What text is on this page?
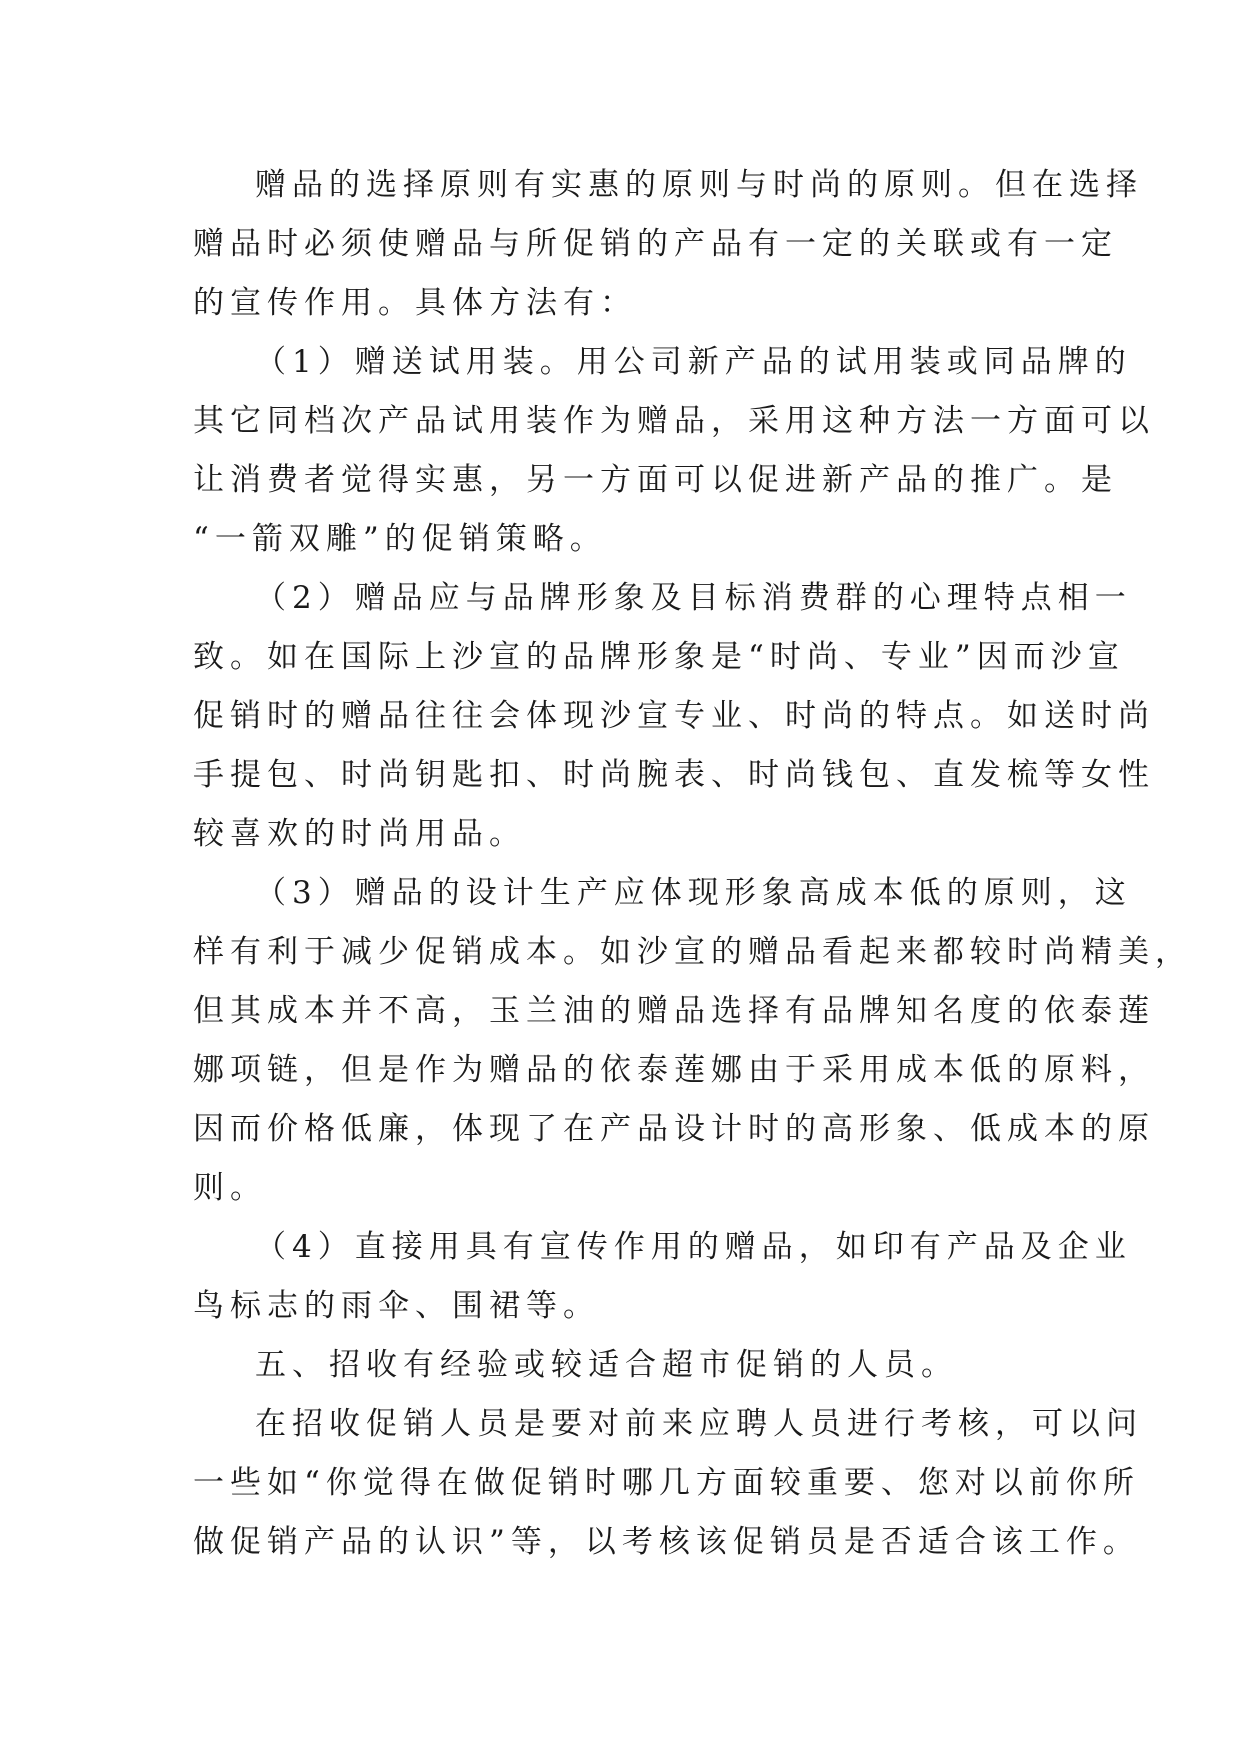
赠品的选择原则有实惠的原则与时尚的原则。但在选择
赠品时必须使赠品与所促销的产品有一定的关联或有一定
的宣传作用。具体方法有：
（1）赠送试用装。用公司新产品的试用装或同品牌的
其它同档次产品试用装作为赠品，采用这种方法一方面可以
让消费者觉得实惠，另一方面可以促进新产品的推广。是
“一箭双雕”的促销策略。
（2）赠品应与品牌形象及目标消费群的心理特点相一
致。如在国际上沙宣的品牌形象是“时尚、专业”因而沙宣
促销时的赠品往往会体现沙宣专业、时尚的特点。如送时尚
手提包、时尚钥匙扣、时尚腕表、时尚钱包、直发梳等女性
较喜欢的时尚用品。
（3）赠品的设计生产应体现形象高成本低的原则，这
样有利于减少促销成本。如沙宣的赠品看起来都较时尚精美，
但其成本并不高，玉兰油的赠品选择有品牌知名度的依泰莲
娜项链，但是作为赠品的依泰莲娜由于采用成本低的原料，
因而价格低廉，体现了在产品设计时的高形象、低成本的原
则。
（4）直接用具有宣传作用的赠品，如印有产品及企业
鸟标志的雨伞、围裙等。
五、招收有经验或较适合超市促销的人员。
在招收促销人员是要对前来应聘人员进行考核，可以问
一些如“你觉得在做促销时哪几方面较重要、您对以前你所
做促销产品的认识”等，以考核该促销员是否适合该工作。
